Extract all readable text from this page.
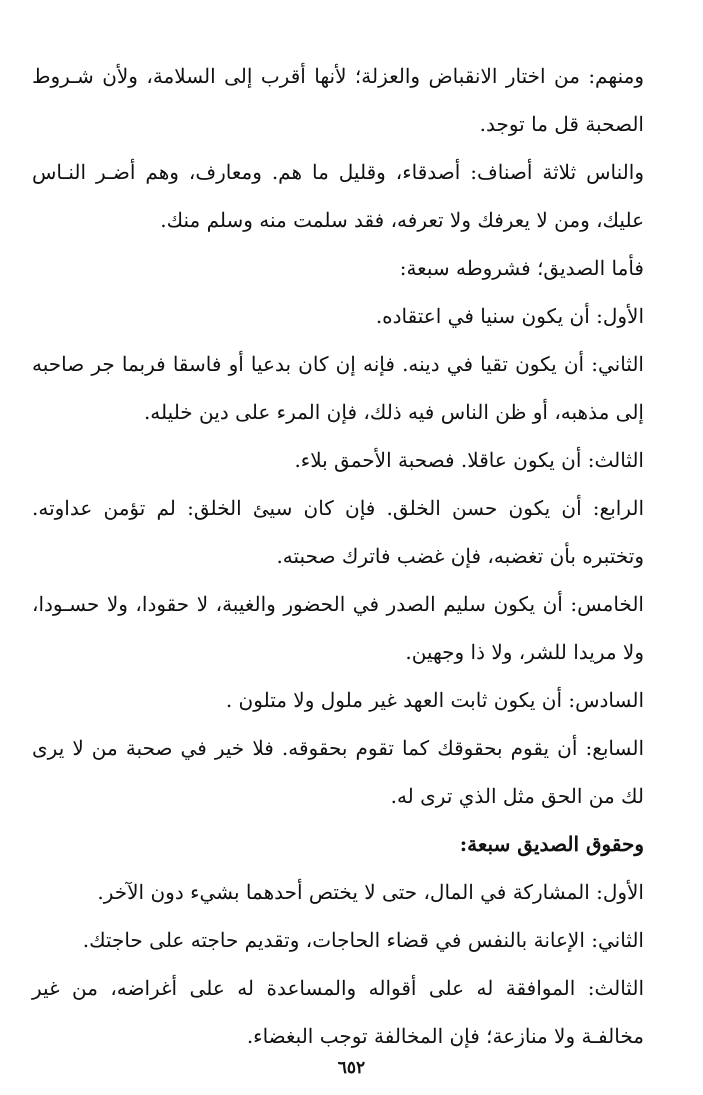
ومنهم: من اختار الانقباض والعزلة؛ لأنها أقرب إلى السلامة، ولأن شـروط الصحبة قل ما توجد.

والناس ثلاثة أصناف: أصدقاء، وقليل ما هم. ومعارف، وهم أضـر النـاس عليك، ومن لا يعرفك ولا تعرفه، فقد سلمت منه وسلم منك.

فأما الصديق؛ فشروطه سبعة:

الأول: أن يكون سنيا في اعتقاده.

الثاني: أن يكون تقيا في دينه. فإنه إن كان بدعيا أو فاسقا فربما جر صاحبه إلى مذهبه، أو ظن الناس فيه ذلك، فإن المرء على دين خليله.

الثالث: أن يكون عاقلا. فصحبة الأحمق بلاء.

الرابع: أن يكون حسن الخلق. فإن كان سيئ الخلق: لم تؤمن عداوته. وتختبره بأن تغضبه، فإن غضب فاترك صحبته.

الخامس: أن يكون سليم الصدر في الحضور والغيبة، لا حقودا، ولا حسـودا، ولا مريدا للشر، ولا ذا وجهين.

السادس: أن يكون ثابت العهد غير ملول ولا متلون .

السابع: أن يقوم بحقوقك كما تقوم بحقوقه. فلا خير في صحبة من لا يرى لك من الحق مثل الذي ترى له.

وحقوق الصديق سبعة:

الأول: المشاركة في المال، حتى لا يختص أحدهما بشيء دون الآخر.

الثاني: الإعانة بالنفس في قضاء الحاجات، وتقديم حاجته على حاجتك.

الثالث: الموافقة له على أقواله والمساعدة له على أغراضه، من غير مخالفـة ولا منازعة؛ فإن المخالفة توجب البغضاء.

٦٥٢
